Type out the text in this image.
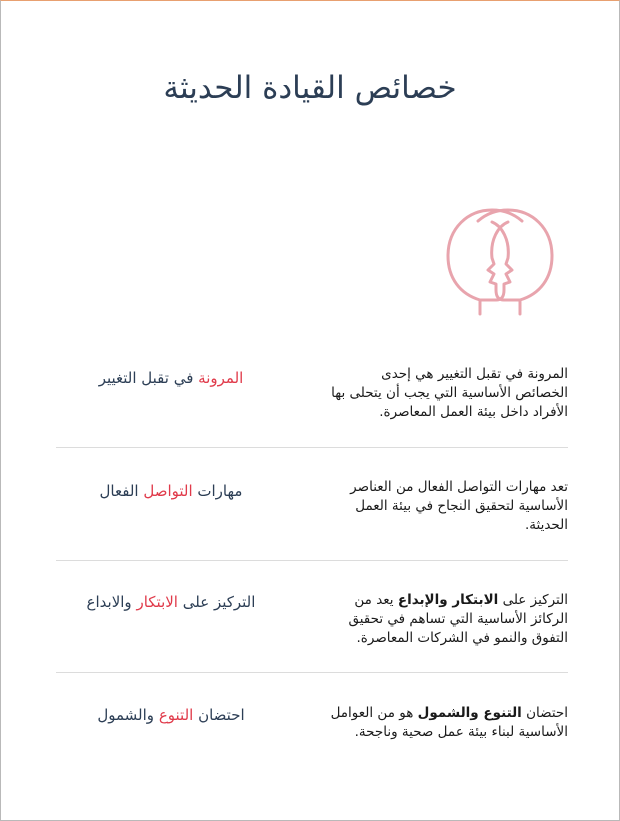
خصائص القيادة الحديثة
المرونة في تقبل التغيير	المرونة في تقبل التغيير هي إحدى الخصائص الأساسية التي يجب أن يتحلى بها الأفراد داخل بيئة العمل المعاصرة.
مهارات التواصل الفعال	تعد مهارات التواصل الفعال من العناصر الأساسية لتحقيق النجاح في بيئة العمل الحديثة.
التركيز على الابتكار والابداع	التركيز على الابتكار والإبداع يعد من الركائز الأساسية التي تساهم في تحقيق التفوق والنمو في الشركات المعاصرة.
احتضان التنوع والشمول	احتضان التنوع والشمول هو من العوامل الأساسية لبناء بيئة عمل صحية وناجحة.
